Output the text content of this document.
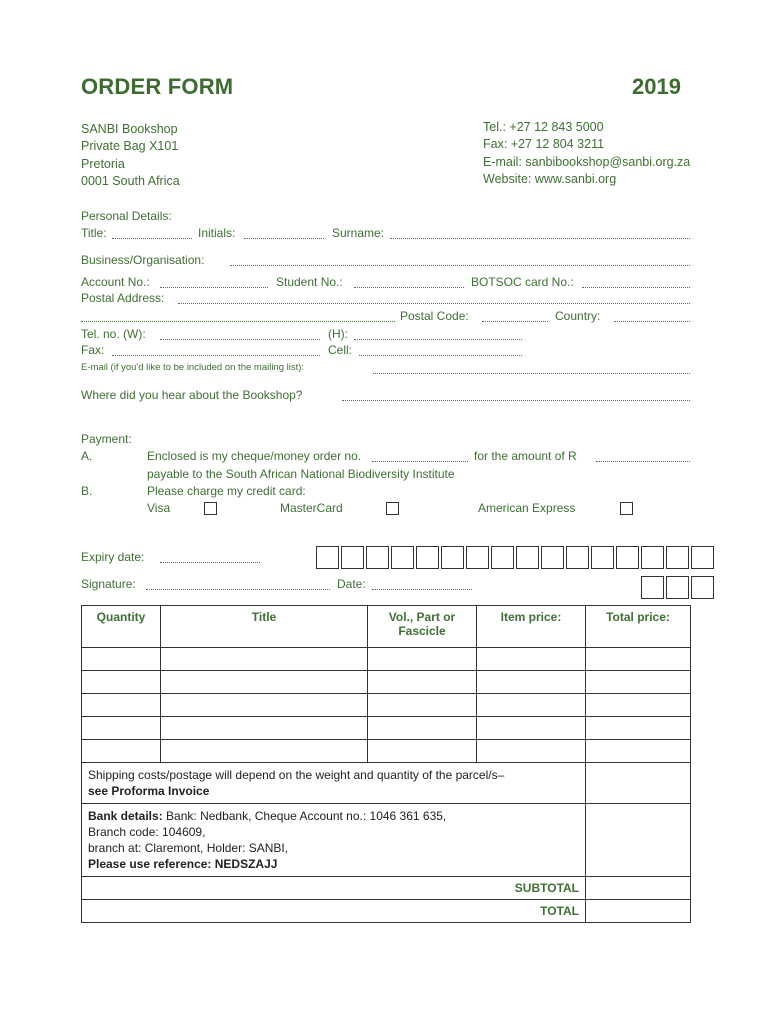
ORDER FORM	2019
SANBI Bookshop
Private Bag X101
Pretoria
0001 South Africa
Tel.: +27 12 843 5000
Fax: +27 12 804 3211
E-mail: sanbibookshop@sanbi.org.za
Website: www.sanbi.org
Personal Details:
Title:	Initials:	Surname:
Business/Organisation:
Account No.:	Student No.:	BOTSOC card No.:
Postal Address:
Postal Code:	Country:
Tel. no. (W):	(H):
Fax:	Cell:
E-mail (if you'd like to be included on the mailing list):
Where did you hear about the Bookshop?
Payment:
A.	Enclosed is my cheque/money order no.	for the amount of R
payable to the South African National Biodiversity Institute
B.	Please charge my credit card:
Visa	MasterCard	American Express
Expiry date:
Signature:	Date:
Quantity	Title	Vol., Part or Fascicle	Item price:	Total price:

Shipping costs/postage will depend on the weight and quantity of the parcel/s–
see Proforma Invoice				
Bank details: Bank: Nedbank, Cheque Account no.: 1046 361 635,
Branch code: 104609,
branch at: Claremont, Holder: SANBI,
Please use reference: NEDSZAJJ				
SUBTOTAL				
TOTAL				
